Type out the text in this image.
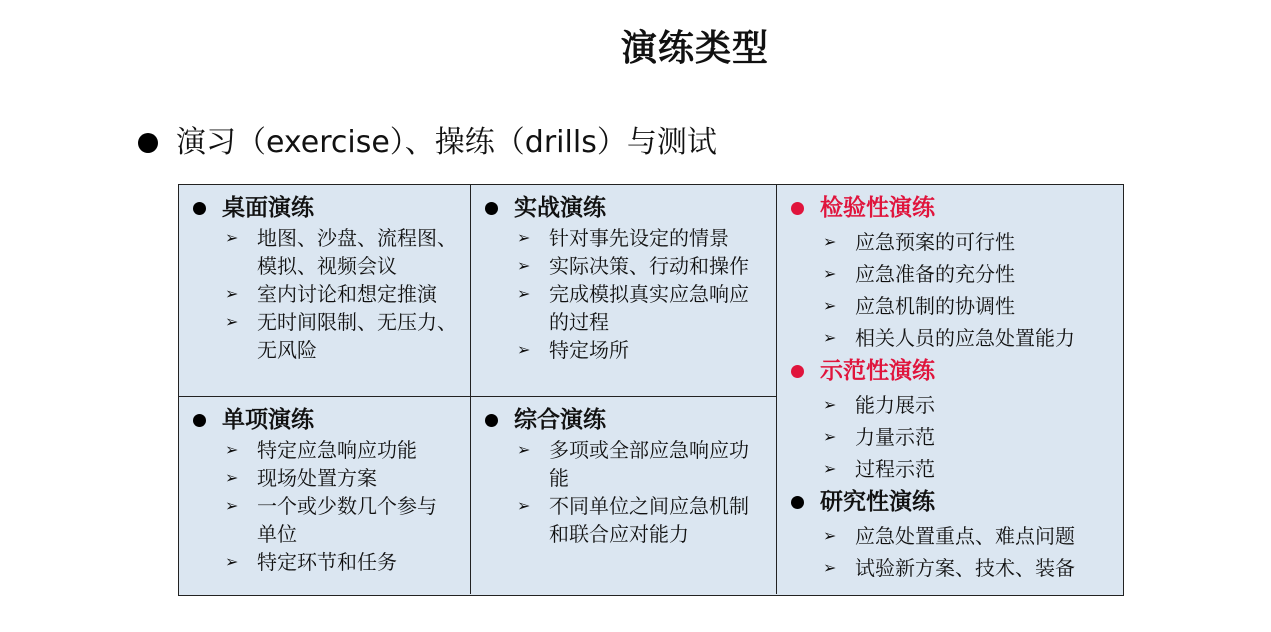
演练类型
演习（exercise）、操练（drills）与测试
桌面演练
➢ 地图、沙盘、流程图、模拟、视频会议
➢ 室内讨论和想定推演
➢ 无时间限制、无压力、无风险
实战演练
➢ 针对事先设定的情景
➢ 实际决策、行动和操作
➢ 完成模拟真实应急响应的过程
➢ 特定场所
单项演练
➢ 特定应急响应功能
➢ 现场处置方案
➢ 一个或少数几个参与单位
➢ 特定环节和任务
综合演练
➢ 多项或全部应急响应功能
➢ 不同单位之间应急机制和联合应对能力
检验性演练
➢ 应急预案的可行性
➢ 应急准备的充分性
➢ 应急机制的协调性
➢ 相关人员的应急处置能力
示范性演练
➢ 能力展示
➢ 力量示范
➢ 过程示范
研究性演练
➢ 应急处置重点、难点问题
➢ 试验新方案、技术、装备
